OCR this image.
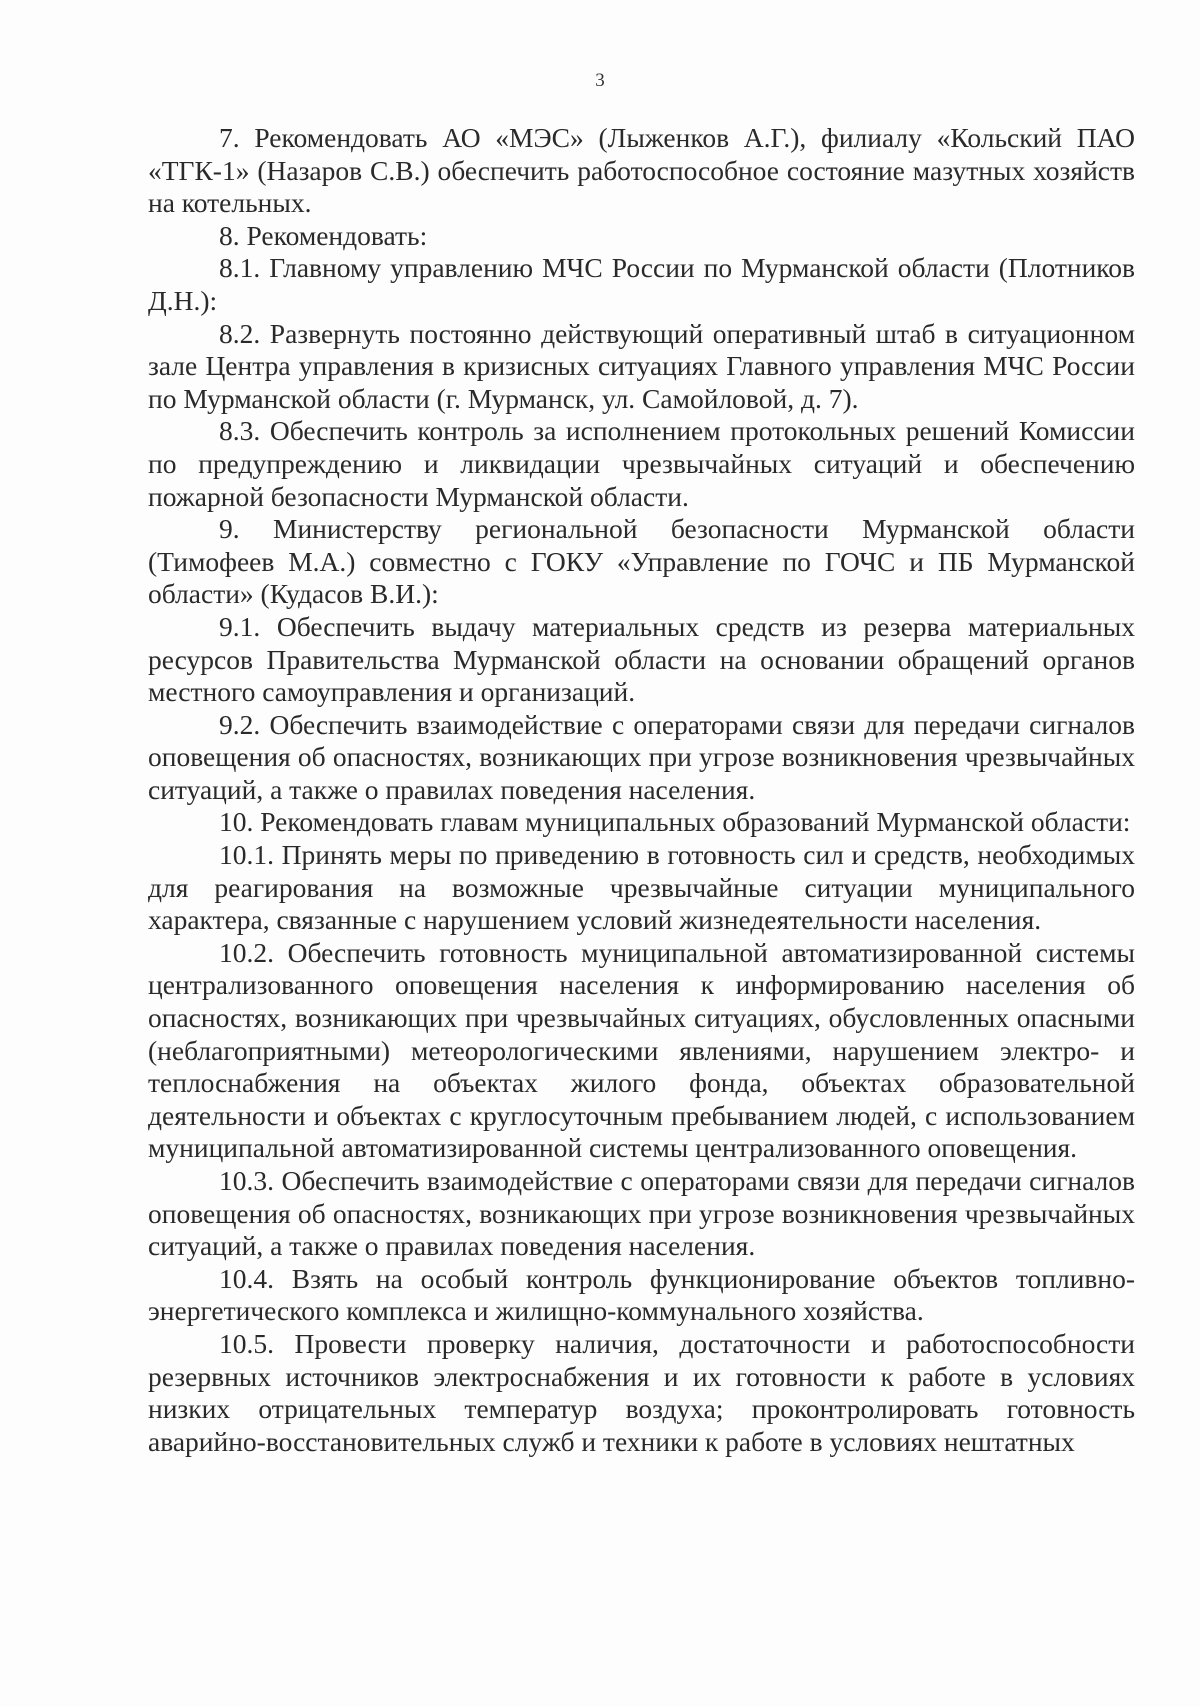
3

7. Рекомендовать АО «МЭС» (Лыженков А.Г.), филиалу «Кольский ПАО «ТГК-1» (Назаров С.В.) обеспечить работоспособное состояние мазутных хозяйств на котельных.

8. Рекомендовать:

8.1. Главному управлению МЧС России по Мурманской области (Плотников Д.Н.):

8.2. Развернуть постоянно действующий оперативный штаб в ситуационном зале Центра управления в кризисных ситуациях Главного управления МЧС России по Мурманской области (г. Мурманск, ул. Самойловой, д. 7).

8.3. Обеспечить контроль за исполнением протокольных решений Комиссии по предупреждению и ликвидации чрезвычайных ситуаций и обеспечению пожарной безопасности Мурманской области.

9. Министерству региональной безопасности Мурманской области (Тимофеев М.А.) совместно с ГОКУ «Управление по ГОЧС и ПБ Мурманской области» (Кудасов В.И.):

9.1. Обеспечить выдачу материальных средств из резерва материальных ресурсов Правительства Мурманской области на основании обращений органов местного самоуправления и организаций.

9.2. Обеспечить взаимодействие с операторами связи для передачи сигналов оповещения об опасностях, возникающих при угрозе возникновения чрезвычайных ситуаций, а также о правилах поведения населения.

10. Рекомендовать главам муниципальных образований Мурманской области:

10.1. Принять меры по приведению в готовность сил и средств, необходимых для реагирования на возможные чрезвычайные ситуации муниципального характера, связанные с нарушением условий жизнедеятельности населения.

10.2. Обеспечить готовность муниципальной автоматизированной системы централизованного оповещения населения к информированию населения об опасностях, возникающих при чрезвычайных ситуациях, обусловленных опасными (неблагоприятными) метеорологическими явлениями, нарушением электро- и теплоснабжения на объектах жилого фонда, объектах образовательной деятельности и объектах с круглосуточным пребыванием людей, с использованием муниципальной автоматизированной системы централизованного оповещения.

10.3. Обеспечить взаимодействие с операторами связи для передачи сигналов оповещения об опасностях, возникающих при угрозе возникновения чрезвычайных ситуаций, а также о правилах поведения населения.

10.4. Взять на особый контроль функционирование объектов топливно-энергетического комплекса и жилищно-коммунального хозяйства.

10.5. Провести проверку наличия, достаточности и работоспособности резервных источников электроснабжения и их готовности к работе в условиях низких отрицательных температур воздуха; проконтролировать готовность аварийно-восстановительных служб и техники к работе в условиях нештатных
